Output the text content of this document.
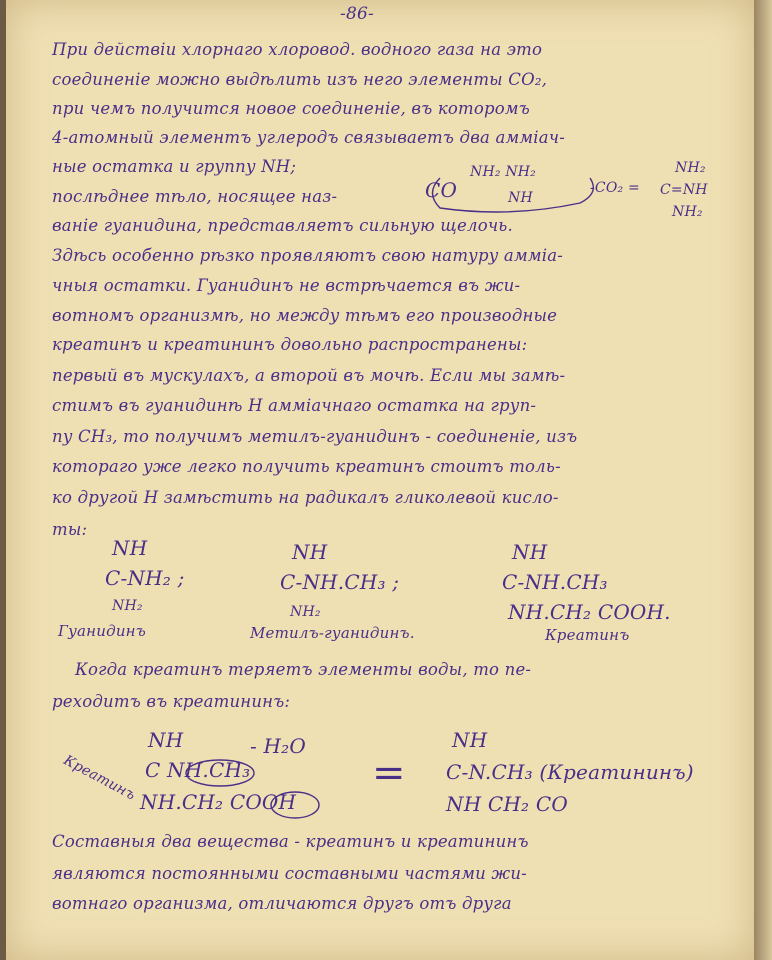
-86-
При действіи хлорнаго хлоровод. водного газа на это
соединеніе можно выдѣлить изъ него элементы CO₂,
при чемъ получится новое соединеніе, въ которомъ
4-атомный элементъ углеродъ связываетъ два амміач-
ные остатка и группу NH;
послѣднее тѣло, носящее наз-	CO
NH₂ NH₂
NH
-CO₂ =
NH₂
C=NH
NH₂
ваніе гуанидина, представляетъ сильную щелочь.
Здѣсь особенно рѣзко проявляютъ свою натуру амміа-
чныя остатки. Гуанидинъ не встрѣчается въ жи-
вотномъ организмѣ, но между тѣмъ его производные
креатинъ и креатининъ довольно распространены:
первый въ мускулахъ, а второй въ мочѣ. Если мы замѣ-
стимъ въ гуанидинѣ H амміачнаго остатка на груп-
пу CH₃, то получимъ метилъ-гуанидинъ - соединеніе, изъ
котораго уже легко получить креатинъ стоитъ толь-
ко другой H замѣстить на радикалъ гликолевой кисло-
ты:
NH
C-NH₂ ;
NH₂
Гуанидинъ
NH
C-NH.CH₃ ;
NH₂
Метилъ-гуанидинъ.
NH
C-NH.CH₃
NH.CH₂ COOH.
Креатинъ
Когда креатинъ теряетъ элементы воды, то пе-
реходитъ въ креатининъ:
NH
C NH.CH₃
NH.CH₂ COOH
- H₂O
=
NH
C-N.CH₃ (Креатининъ)
NH CH₂ CO
Креатинъ
Составныя два вещества - креатинъ и креатининъ
являются постоянными составными частями жи-
вотнаго организма, отличаются другъ отъ друга
